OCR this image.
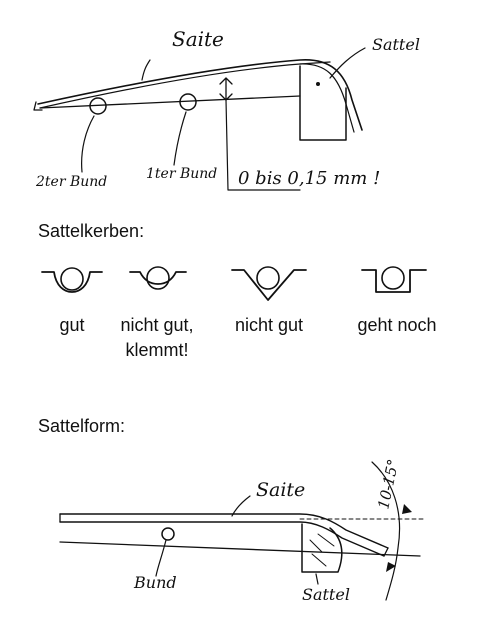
Saite	Sattel
2ter Bund	1ter Bund 0 bis 0,15 mm !
Sattelkerben:
gut nicht gut,
klemmt!
nicht gut	geht noch
Sattelform:
Saite
Bund
Sattel
10-15°
